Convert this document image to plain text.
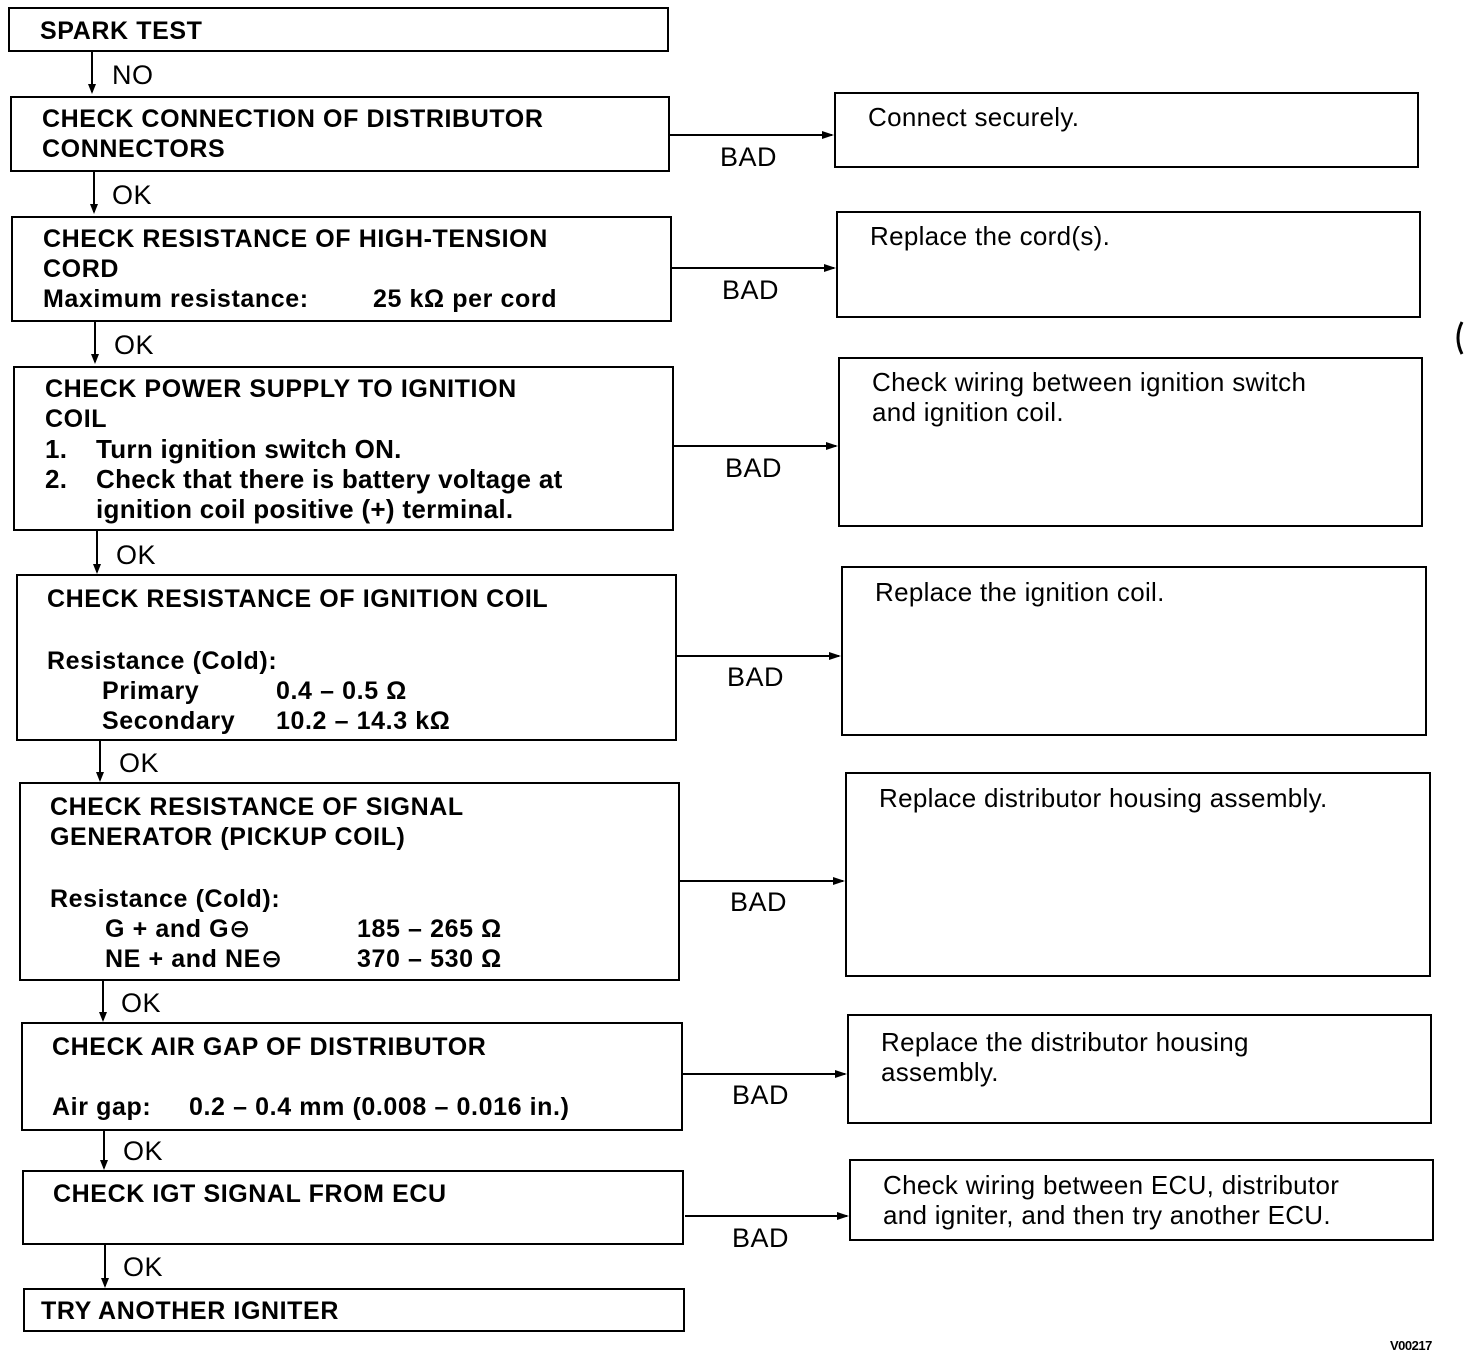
SPARK TEST
CHECK CONNECTION OF DISTRIBUTOR
CONNECTORS
CHECK RESISTANCE OF HIGH-TENSION
CORD
Maximum resistance:	25 kΩ per cord
CHECK POWER SUPPLY TO IGNITION
COIL
1. Turn ignition switch ON.
2. Check that there is battery voltage at
ignition coil positive (+) terminal.
CHECK RESISTANCE OF IGNITION COIL
Resistance (Cold):
Primary	0.4 – 0.5 Ω
Secondary 10.2 – 14.3 kΩ
CHECK RESISTANCE OF SIGNAL
GENERATOR (PICKUP COIL)
Resistance (Cold):
G + and G⊖	185 – 265 Ω
NE + and NE⊖	370 – 530 Ω
CHECK AIR GAP OF DISTRIBUTOR
Air gap: 0.2 – 0.4 mm (0.008 – 0.016 in.)
CHECK IGT SIGNAL FROM ECU
TRY ANOTHER IGNITER
Connect securely.
Replace the cord(s).
Check wiring between ignition switch
and ignition coil.
Replace the ignition coil.
Replace distributor housing assembly.
Replace the distributor housing
assembly.
Check wiring between ECU, distributor
and igniter, and then try another ECU.
NO
OK
OK
OK
OK
OK
OK
OK
BAD
BAD
BAD
BAD
BAD
BAD
BAD
V00217
